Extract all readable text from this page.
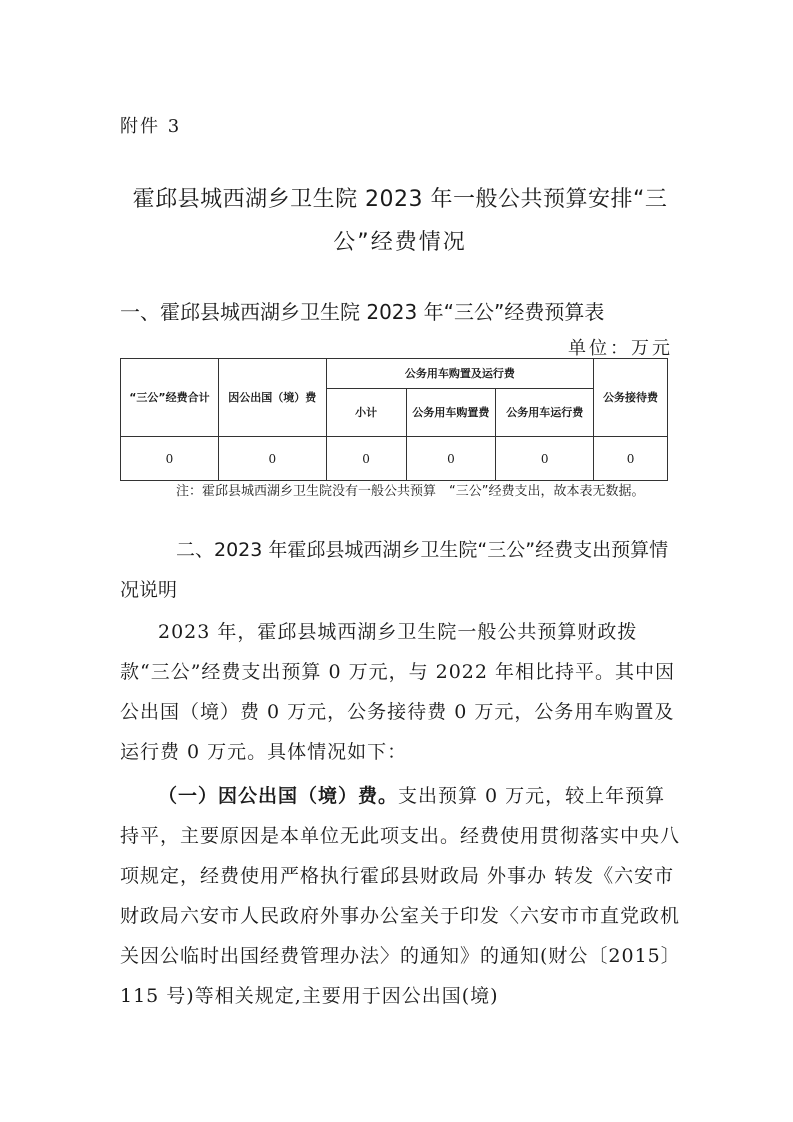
附件 3
霍邱县城西湖乡卫生院 2023 年一般公共预算安排“三
公”经费情况
一、霍邱县城西湖乡卫生院 2023 年“三公”经费预算表
单位：万元
“三公”经费合计	因公出国（境）费	公务用车购置及运行费			公务接待费
		小计	公务用车购置费	公务用车运行费	
0	0	0	0	0	0
注：霍邱县城西湖乡卫生院没有一般公共预算　“三公”经费支出，故本表无数据。
二、2023 年霍邱县城西湖乡卫生院“三公”经费支出预算情况说明
2023 年，霍邱县城西湖乡卫生院一般公共预算财政拨款“三公”经费支出预算 0 万元，与 2022 年相比持平。其中因公出国（境）费 0 万元，公务接待费 0 万元，公务用车购置及运行费 0 万元。具体情况如下：
（一）因公出国（境）费。支出预算 0 万元，较上年预算持平，主要原因是本单位无此项支出。经费使用贯彻落实中央八项规定，经费使用严格执行霍邱县财政局 外事办 转发《六安市财政局六安市人民政府外事办公室关于印发〈六安市市直党政机关因公临时出国经费管理办法〉的通知》的通知(财公〔2015〕115 号)等相关规定,主要用于因公出国(境)
